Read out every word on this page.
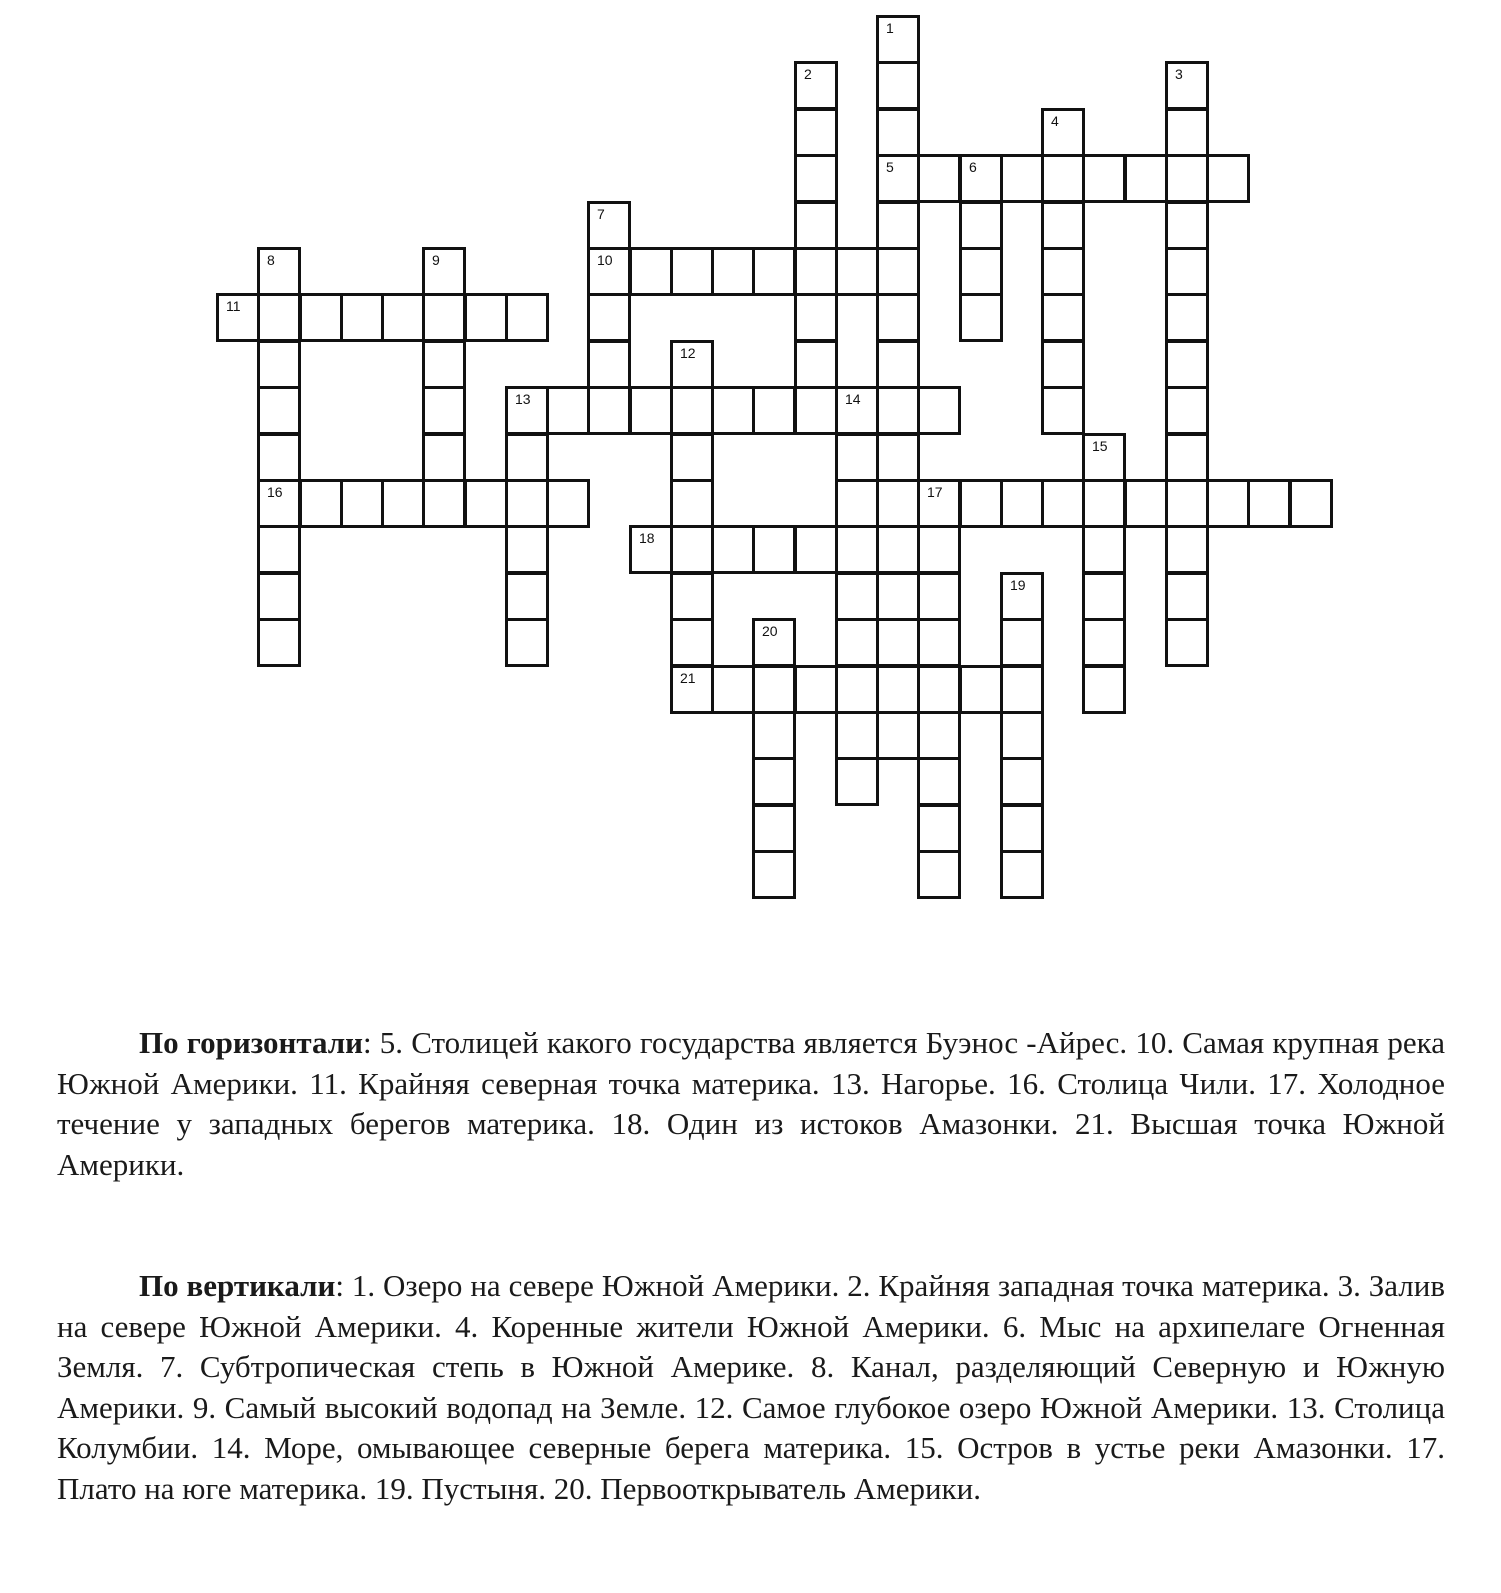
1
5
2	3
4
6
7
10
8
16
9
11
12
13	14
15
17
18
19
20
21

По горизонтали: 5. Столицей какого государства является Буэнос -Айрес. 10. Самая крупная река Южной Америки. 11. Крайняя северная точка материка. 13. Нагорье. 16. Столица Чили. 17. Холодное течение у западных берегов материка. 18. Один из истоков Амазонки. 21. Высшая точка Южной Америки.

По вертикали: 1. Озеро на севере Южной Америки. 2. Крайняя западная точка материка. 3. Залив на севере Южной Америки. 4. Коренные жители Южной Америки. 6. Мыс на архипелаге Огненная Земля. 7. Субтропическая степь в Южной Америке. 8. Канал, разделяющий Северную и Южную Америки. 9. Самый высокий водопад на Земле. 12. Самое глубокое озеро Южной Америки. 13. Столица Колумбии. 14. Море, омывающее северные берега материка. 15. Остров в устье реки Амазонки. 17. Плато на юге материка. 19. Пустыня. 20. Первооткрыватель Америки.
